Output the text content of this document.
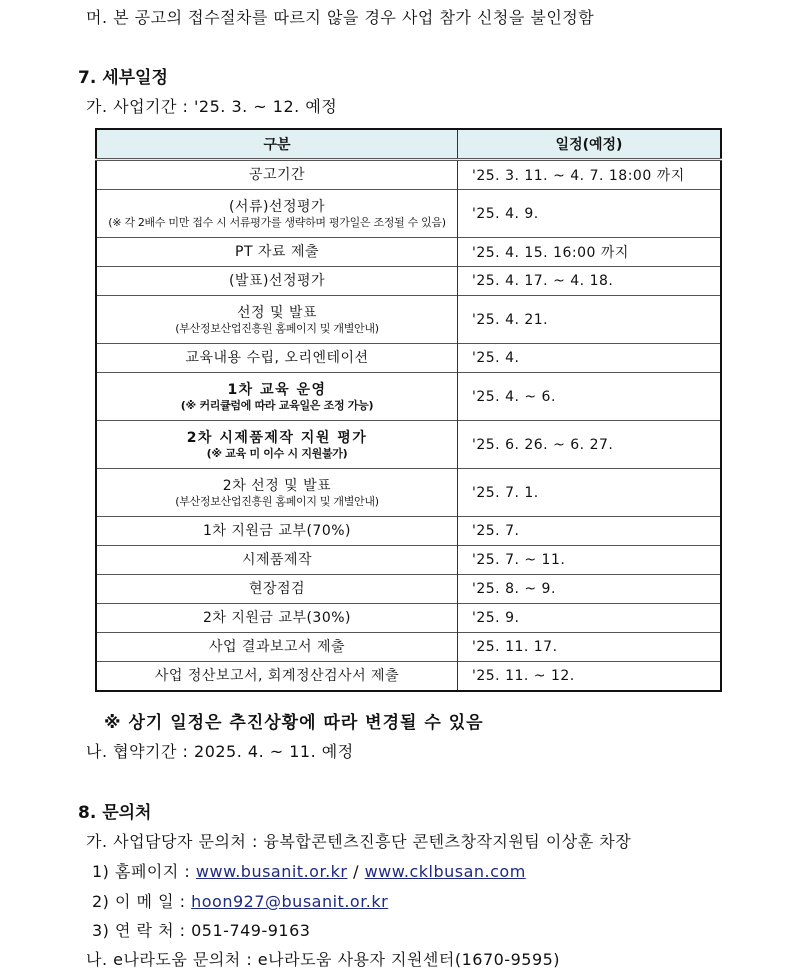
머. 본 공고의 접수절차를 따르지 않을 경우 사업 참가 신청을 불인정함
7. 세부일정
가. 사업기간 : '25. 3. ~ 12. 예정
구분	일정(예정)

공고기간	'25. 3. 11. ~ 4. 7. 18:00 까지

(서류)선정평가
(※ 각 2배수 미만 접수 시 서류평가를 생략하며 평가일은 조정될 수 있음)	'25. 4. 9.

PT 자료 제출	'25. 4. 15. 16:00 까지

(발표)선정평가	'25. 4. 17. ~ 4. 18.

선정 및 발표
(부산정보산업진흥원 홈페이지 및 개별안내)	'25. 4. 21.

교육내용 수립, 오리엔테이션	'25. 4.

1차 교육 운영
(※ 커리큘럼에 따라 교육일은 조정 가능)	'25. 4. ~ 6.

2차 시제품제작 지원 평가
(※ 교육 미 이수 시 지원불가)	'25. 6. 26. ~ 6. 27.

2차 선정 및 발표
(부산정보산업진흥원 홈페이지 및 개별안내)	'25. 7. 1.

1차 지원금 교부(70%)	'25. 7.

시제품제작	'25. 7. ~ 11.

현장점검	'25. 8. ~ 9.

2차 지원금 교부(30%)	'25. 9.

사업 결과보고서 제출	'25. 11. 17.

사업 정산보고서, 회계정산검사서 제출	'25. 11. ~ 12.
※ 상기 일정은 추진상황에 따라 변경될 수 있음
나. 협약기간 : 2025. 4. ~ 11. 예정
8. 문의처
가. 사업담당자 문의처 : 융복합콘텐츠진흥단 콘텐츠창작지원팀 이상훈 차장
1) 홈페이지 : www.busanit.or.kr / www.cklbusan.com
2) 이 메 일 : hoon927@busanit.or.kr
3) 연 락 처 : 051-749-9163
나. e나라도움 문의처 : e나라도움 사용자 지원센터(1670-9595)
